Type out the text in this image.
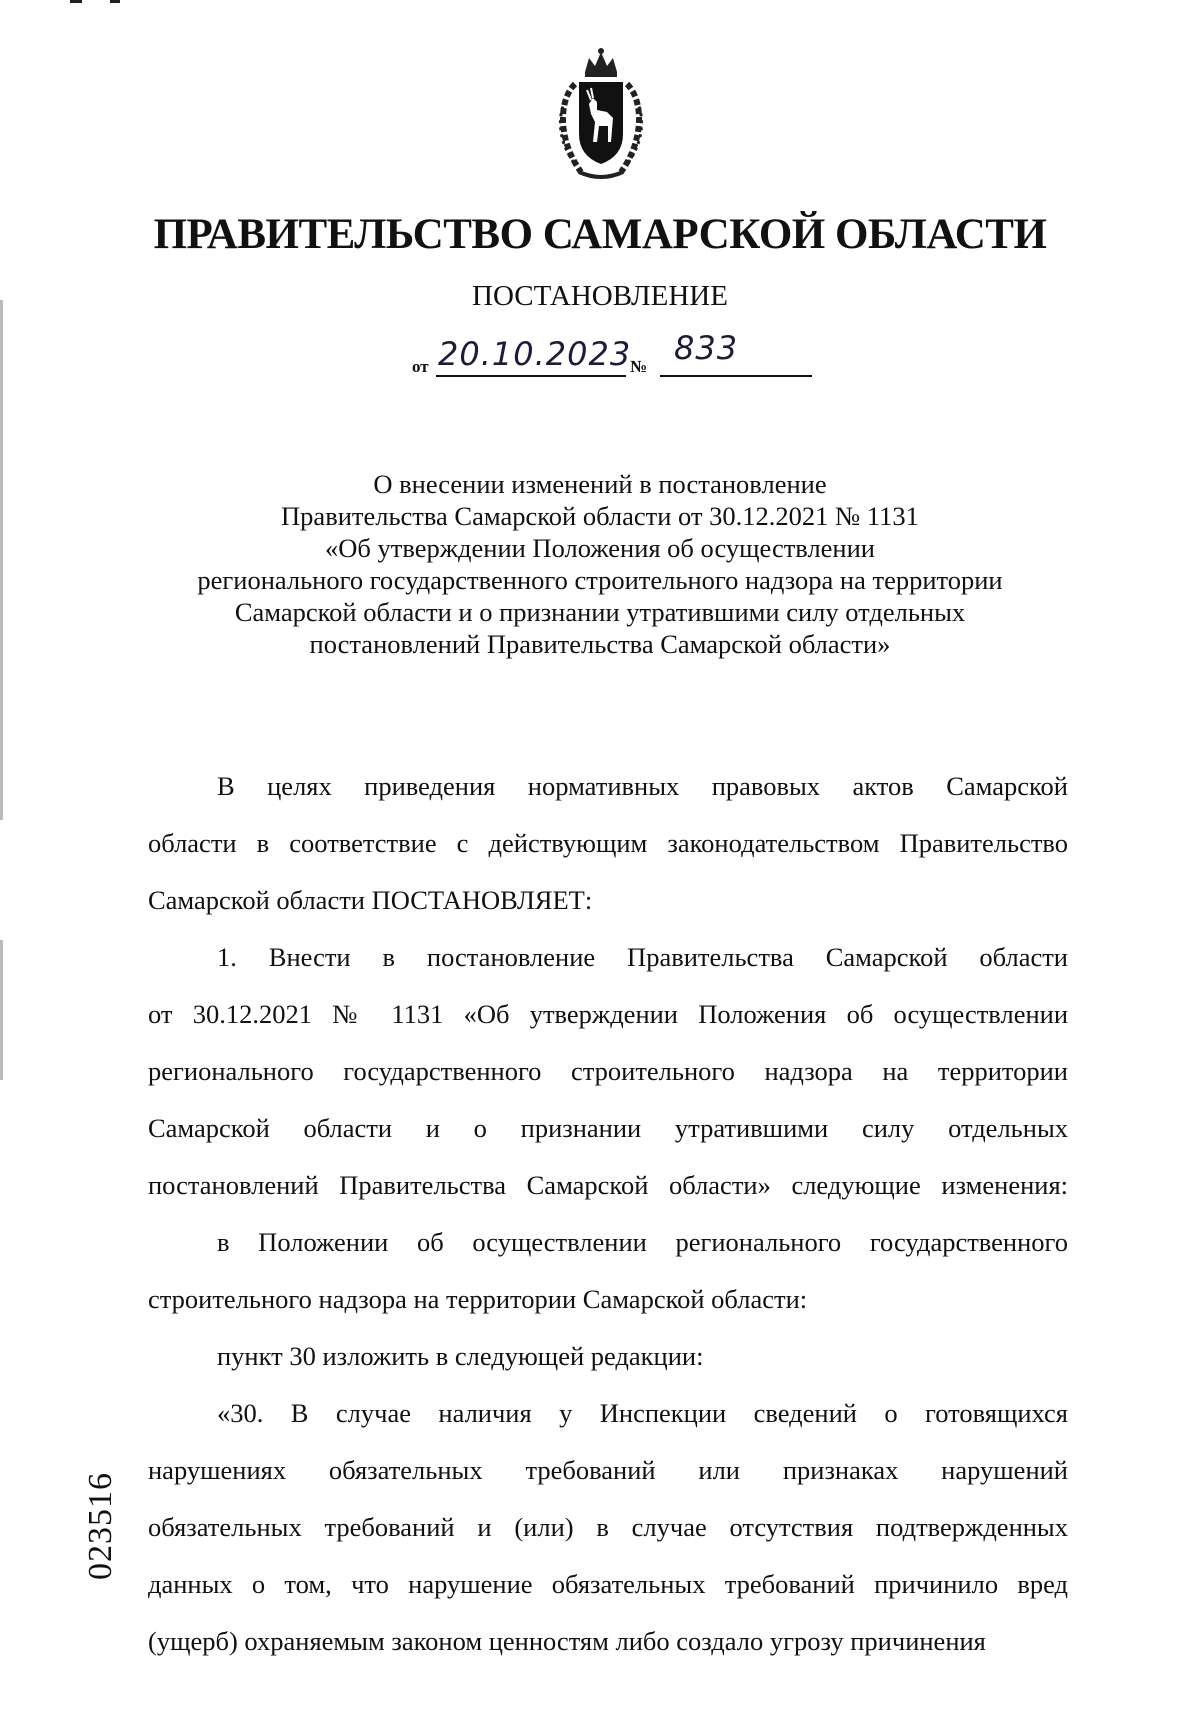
ПРАВИТЕЛЬСТВО САМАРСКОЙ ОБЛАСТИ
ПОСТАНОВЛЕНИЕ
от 20.10.2023
№ 833
О внесении изменений в постановление
Правительства Самарской области от 30.12.2021 № 1131
«Об утверждении Положения об осуществлении
регионального государственного строительного надзора на территории
Самарской области и о признании утратившими силу отдельных
постановлений Правительства Самарской области»

В целях приведения нормативных правовых актов Самарской

области в соответствие с действующим законодательством Правительство

Самарской области ПОСТАНОВЛЯЕТ:

1. Внести в постановление Правительства Самарской области

от 30.12.2021 № 1131 «Об утверждении Положения об осуществлении

регионального государственного строительного надзора на территории

Самарской области и о признании утратившими силу отдельных

постановлений Правительства Самарской области» следующие изменения:

в Положении об осуществлении регионального государственного

строительного надзора на территории Самарской области:

пункт 30 изложить в следующей редакции:

«30. В случае наличия у Инспекции сведений о готовящихся

нарушениях обязательных требований или признаках нарушений

обязательных требований и (или) в случае отсутствия подтвержденных

данных о том, что нарушение обязательных требований причинило вред

(ущерб) охраняемым законом ценностям либо создало угрозу причинения

023516
